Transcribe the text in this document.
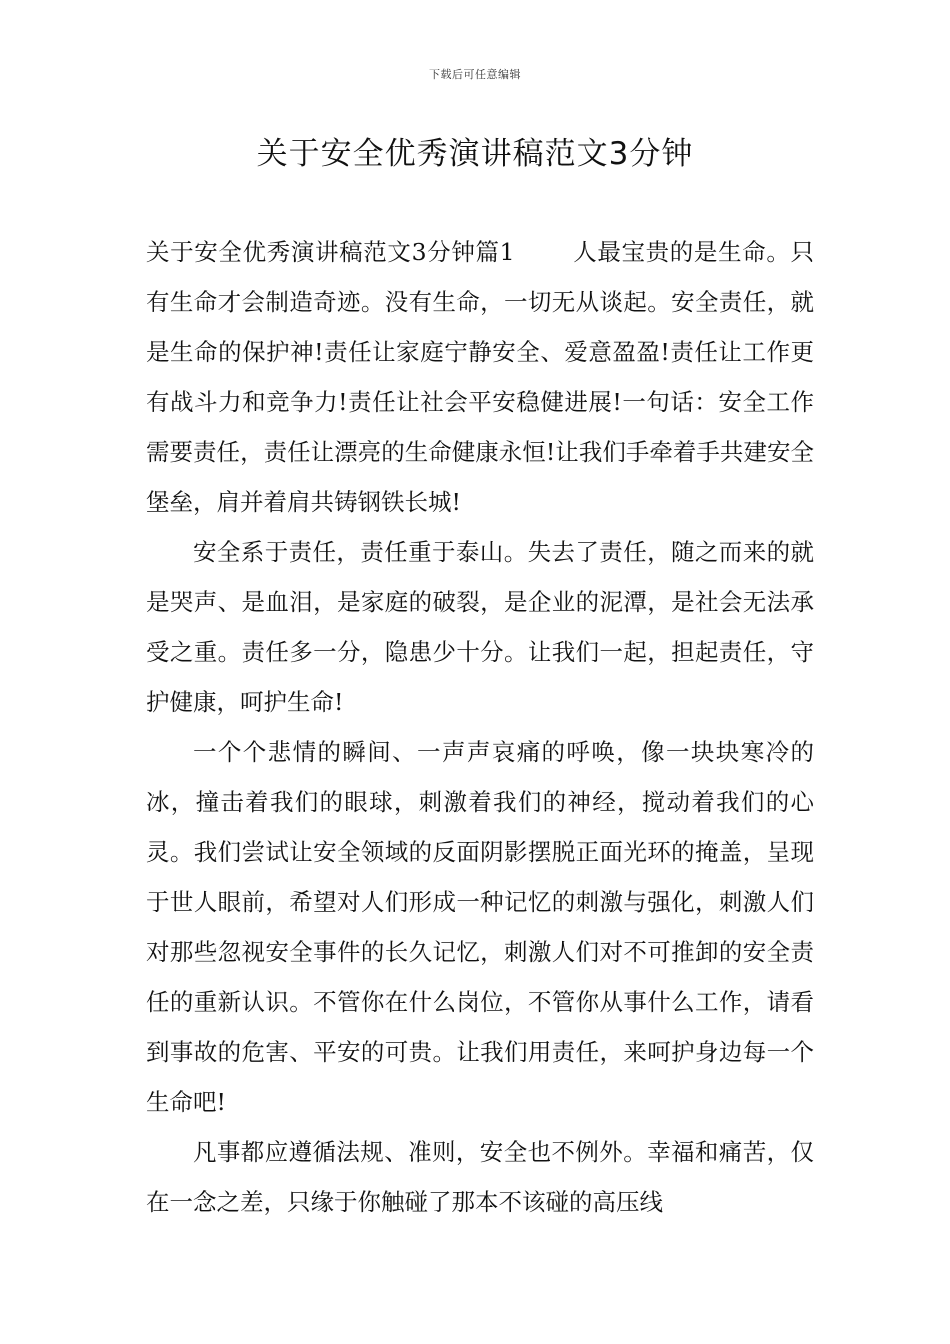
下载后可任意编辑
关于安全优秀演讲稿范文3分钟

关于安全优秀演讲稿范文3分钟篇1 人最宝贵的是生命。只有生命才会制造奇迹。没有生命，一切无从谈起。安全责任，就是生命的保护神!责任让家庭宁静安全、爱意盈盈!责任让工作更有战斗力和竞争力!责任让社会平安稳健进展!一句话：安全工作需要责任，责任让漂亮的生命健康永恒!让我们手牵着手共建安全堡垒，肩并着肩共铸钢铁长城!

安全系于责任，责任重于泰山。失去了责任，随之而来的就是哭声、是血泪，是家庭的破裂，是企业的泥潭，是社会无法承受之重。责任多一分，隐患少十分。让我们一起，担起责任，守护健康，呵护生命!

一个个悲情的瞬间、一声声哀痛的呼唤，像一块块寒冷的冰，撞击着我们的眼球，刺激着我们的神经，搅动着我们的心灵。我们尝试让安全领域的反面阴影摆脱正面光环的掩盖，呈现于世人眼前，希望对人们形成一种记忆的刺激与强化，刺激人们对那些忽视安全事件的长久记忆，刺激人们对不可推卸的安全责任的重新认识。不管你在什么岗位，不管你从事什么工作，请看到事故的危害、平安的可贵。让我们用责任，来呵护身边每一个生命吧!

凡事都应遵循法规、准则，安全也不例外。幸福和痛苦，仅在一念之差，只缘于你触碰了那本不该碰的高压线
